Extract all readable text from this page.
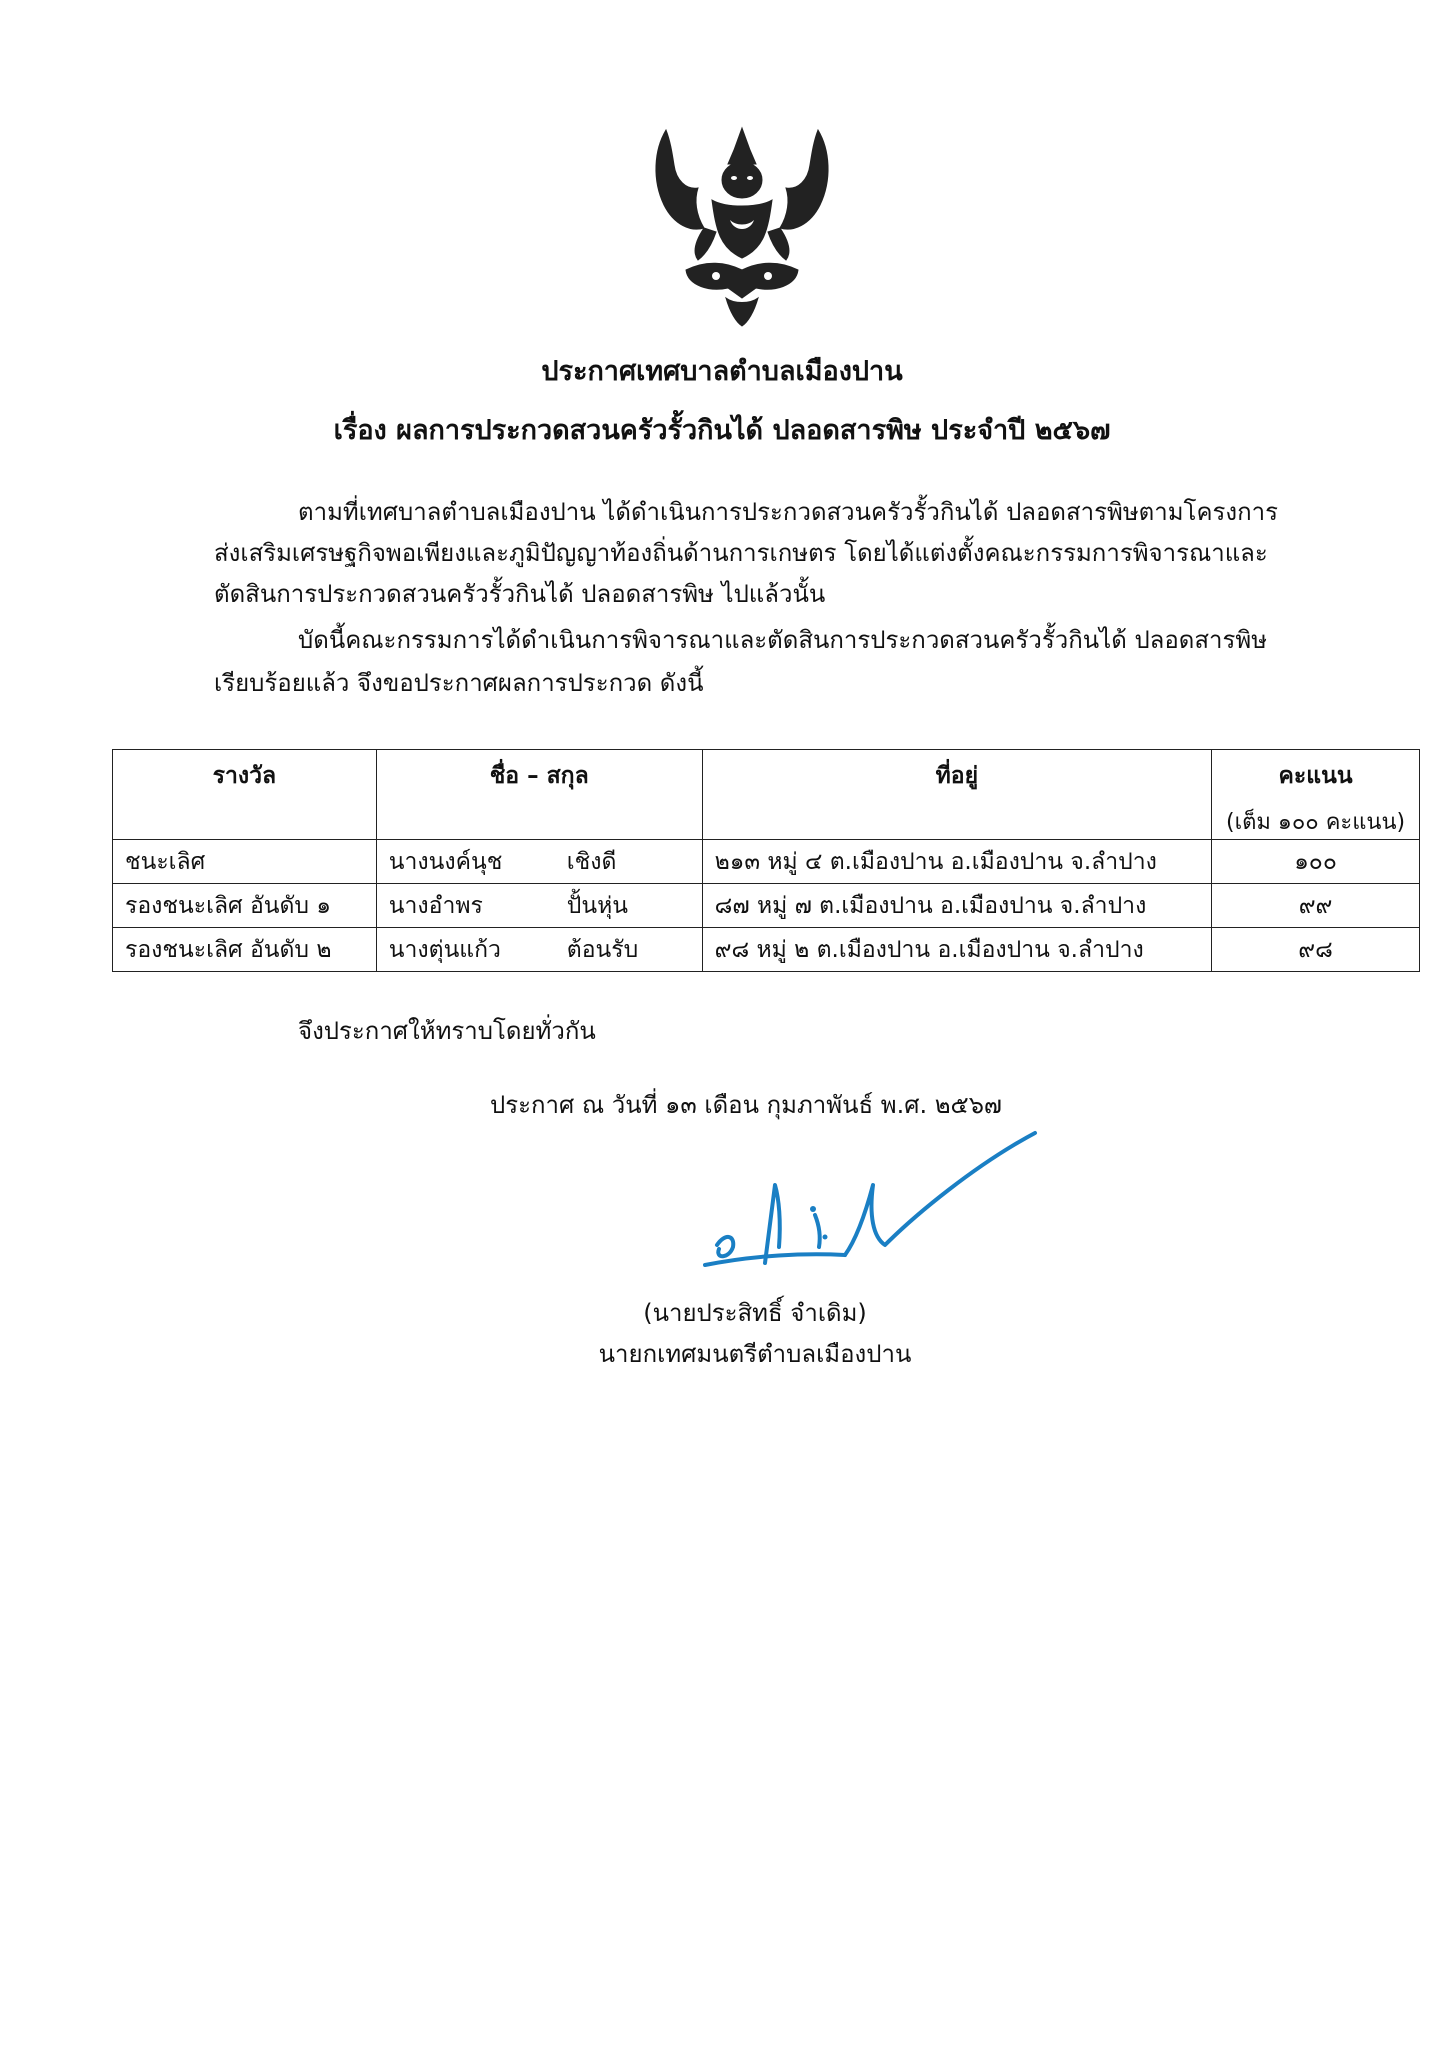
ประกาศเทศบาลตำบลเมืองปาน
เรื่อง ผลการประกวดสวนครัวรั้วกินได้ ปลอดสารพิษ ประจำปี ๒๕๖๗
ตามที่เทศบาลตำบลเมืองปาน ได้ดำเนินการประกวดสวนครัวรั้วกินได้ ปลอดสารพิษตามโครงการ
ส่งเสริมเศรษฐกิจพอเพียงและภูมิปัญญาท้องถิ่นด้านการเกษตร โดยได้แต่งตั้งคณะกรรมการพิจารณาและ
ตัดสินการประกวดสวนครัวรั้วกินได้ ปลอดสารพิษ ไปแล้วนั้น
บัดนี้คณะกรรมการได้ดำเนินการพิจารณาและตัดสินการประกวดสวนครัวรั้วกินได้ ปลอดสารพิษ
เรียบร้อยแล้ว จึงขอประกาศผลการประกวด ดังนี้
รางวัล	ชื่อ – สกุล	ที่อยู่	คะแนน
(เต็ม ๑๐๐ คะแนน)

ชนะเลิศ	นางนงค์นุช เชิงดี	๒๑๓ หมู่ ๔ ต.เมืองปาน อ.เมืองปาน จ.ลำปาง	๑๐๐
รองชนะเลิศ อันดับ ๑	นางอำพร ปั้นหุ่น	๘๗ หมู่ ๗ ต.เมืองปาน อ.เมืองปาน จ.ลำปาง	๙๙
รองชนะเลิศ อันดับ ๒	นางตุ่นแก้ว ต้อนรับ	๙๘ หมู่ ๒ ต.เมืองปาน อ.เมืองปาน จ.ลำปาง	๙๘
จึงประกาศให้ทราบโดยทั่วกัน
ประกาศ ณ วันที่ ๑๓ เดือน กุมภาพันธ์ พ.ศ. ๒๕๖๗
(นายประสิทธิ์ จำเดิม)
นายกเทศมนตรีตำบลเมืองปาน
